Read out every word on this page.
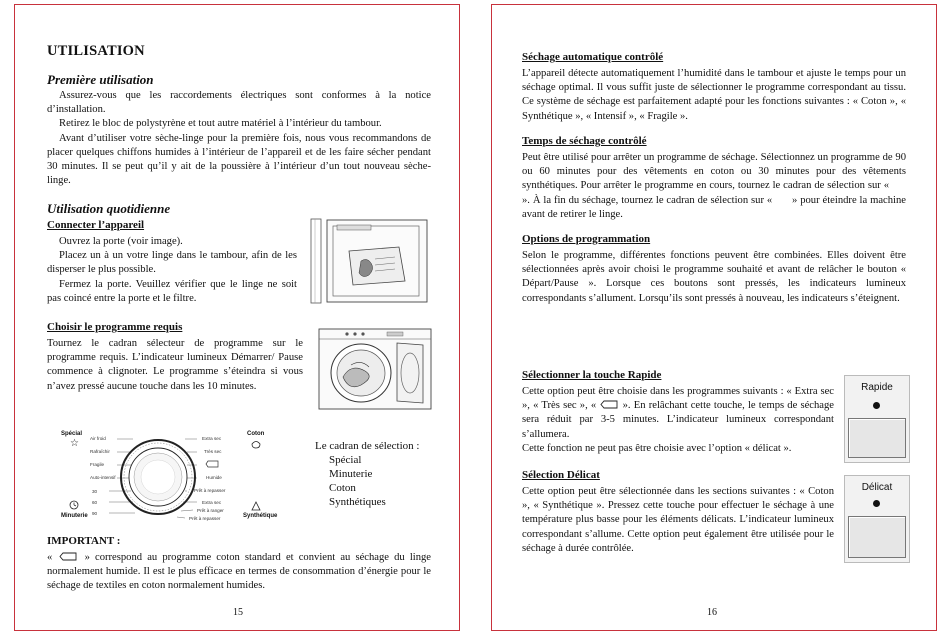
UTILISATION
Première utilisation

Assurez-vous que les raccordements électriques sont conformes à la notice d’installation.

Retirez le bloc de polystyrène et tout autre matériel à l’intérieur du tambour.

Avant d’utiliser votre sèche-linge pour la première fois, nous vous recommandons de placer quelques chiffons humides à l’intérieur de l’appareil et de les faire sécher pendant 30 minutes. Il se peut qu’il y ait de la poussière à l’intérieur d’un tout nouveau sèche-linge.

Utilisation quotidienne
Connecter l’appareil

Ouvrez la porte (voir image).

Placez un à un votre linge dans le tambour, afin de les disperser le plus possible.

Fermez la porte. Veuillez vérifier que le linge ne soit pas coincé entre la porte et le filtre.

Choisir le programme requis
Tournez le cadran sélecteur de programme sur le programme requis. L’indicateur lumineux Démarrer/ Pause commence à clignoter. Le programme s’éteindra si vous n’avez pressé aucune touche dans les 10 minutes.
Spécial
☆
Coton
Minuterie	Synthétique
Air froid
Rafraîchir
Fragile
Auto-intensif
30
60
90
Extra sec
Très sec
Humide
Prêt à repasser
Extra sec
Prêt à ranger
Prêt à repasser
Le cadran de sélection :
Spécial
Minuterie
Coton
Synthétiques
IMPORTANT :
«	» correspond au programme coton standard et convient au séchage du linge normalement humide. Il est le plus efficace en termes de consommation d’énergie pour le séchage de textiles en coton normalement humides.
15
Séchage automatique contrôlé
L’appareil détecte automatiquement l’humidité dans le tambour et ajuste le temps pour un séchage optimal. Il vous suffit juste de sélectionner le programme correspondant au tissu. Ce système de séchage est parfaitement adapté pour les fonctions suivantes : « Coton », « Synthétique », « Intensif », « Fragile ».
Temps de séchage contrôlé
Peut être utilisé pour arrêter un programme de séchage. Sélectionnez un programme de 90 ou 60 minutes pour des vêtements en coton ou 30 minutes pour des vêtements synthétiques. Pour arrêter le programme en cours, tournez le cadran de sélection sur «  ». À la fin du séchage, tournez le cadran de sélection sur « » pour éteindre la machine avant de retirer le linge.
Options de programmation
Selon le programme, différentes fonctions peuvent être combinées. Elles doivent être sélectionnées après avoir choisi le programme souhaité et avant de relâcher le bouton « Départ/Pause ». Lorsque ces boutons sont pressés, les indicateurs lumineux correspondants s’allument. Lorsqu’ils sont pressés à nouveau, les indicateurs s’éteignent.
Sélectionner la touche Rapide
Cette option peut être choisie dans les programmes suivants : « Extra sec », « Très sec », « ». En relâchant cette touche, le temps de séchage sera réduit par 3-5 minutes. L’indicateur lumineux correspondant s’allumera.

Cette fonction ne peut pas être choisie avec l’option « délicat ».

Rapide
Sélection Délicat
Cette option peut être sélectionnée dans les sections suivantes : « Coton », « Synthétique ». Pressez cette touche pour effectuer le séchage à une température plus basse pour les éléments délicats. L’indicateur lumineux correspondant s’allume. Cette option peut également être utilisée pour le séchage à durée contrôlée.
Délicat
16
